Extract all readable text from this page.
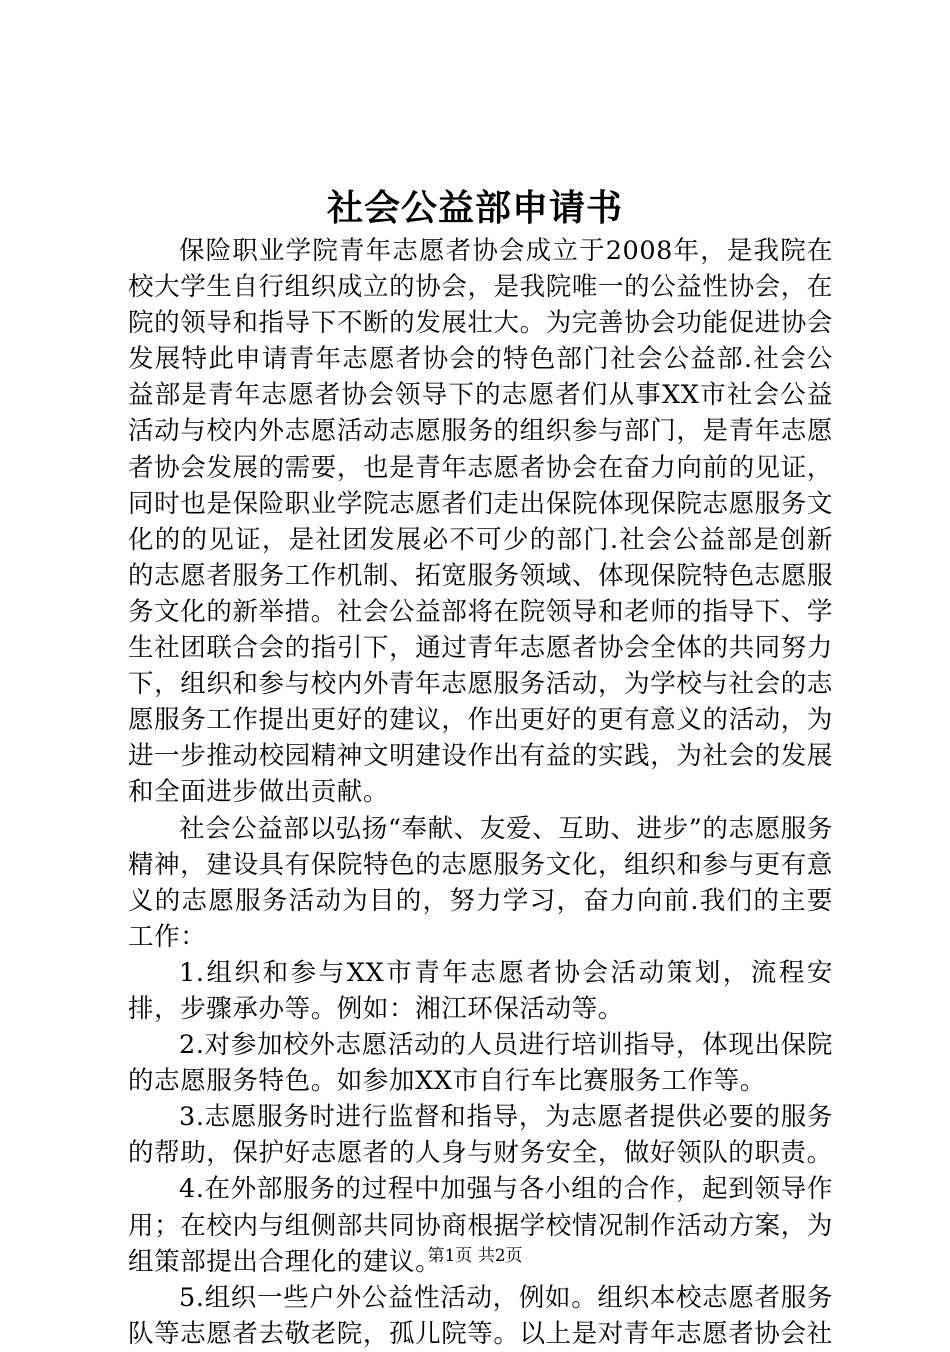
社会公益部申请书

保险职业学院青年志愿者协会成立于2008年，是我院在校大学生自行组织成立的协会，是我院唯一的公益性协会，在院的领导和指导下不断的发展壮大。为完善协会功能促进协会发展特此申请青年志愿者协会的特色部门社会公益部.社会公益部是青年志愿者协会领导下的志愿者们从事XX市社会公益活动与校内外志愿活动志愿服务的组织参与部门，是青年志愿者协会发展的需要，也是青年志愿者协会在奋力向前的见证，同时也是保险职业学院志愿者们走出保院体现保院志愿服务文化的的见证，是社团发展必不可少的部门.社会公益部是创新的志愿者服务工作机制、拓宽服务领域、体现保院特色志愿服务文化的新举措。社会公益部将在院领导和老师的指导下、学生社团联合会的指引下，通过青年志愿者协会全体的共同努力下，组织和参与校内外青年志愿服务活动，为学校与社会的志愿服务工作提出更好的建议，作出更好的更有意义的活动，为进一步推动校园精神文明建设作出有益的实践，为社会的发展和全面进步做出贡献。

社会公益部以弘扬“奉献、友爱、互助、进步”的志愿服务精神，建设具有保院特色的志愿服务文化，组织和参与更有意义的志愿服务活动为目的，努力学习，奋力向前.我们的主要工作：

1.组织和参与XX市青年志愿者协会活动策划，流程安排，步骤承办等。例如：湘江环保活动等。

2.对参加校外志愿活动的人员进行培训指导，体现出保院的志愿服务特色。如参加XX市自行车比赛服务工作等。

3.志愿服务时进行监督和指导，为志愿者提供必要的服务的帮助，保护好志愿者的人身与财务安全，做好领队的职责。

4.在外部服务的过程中加强与各小组的合作，起到领导作用；在校内与组侧部共同协商根据学校情况制作活动方案，为组策部提出合理化的建议。

5.组织一些户外公益性活动，例如。组织本校志愿者服务队等志愿者去敬老院，孤儿院等。以上是对青年志愿者协会社

第1页 共2页
